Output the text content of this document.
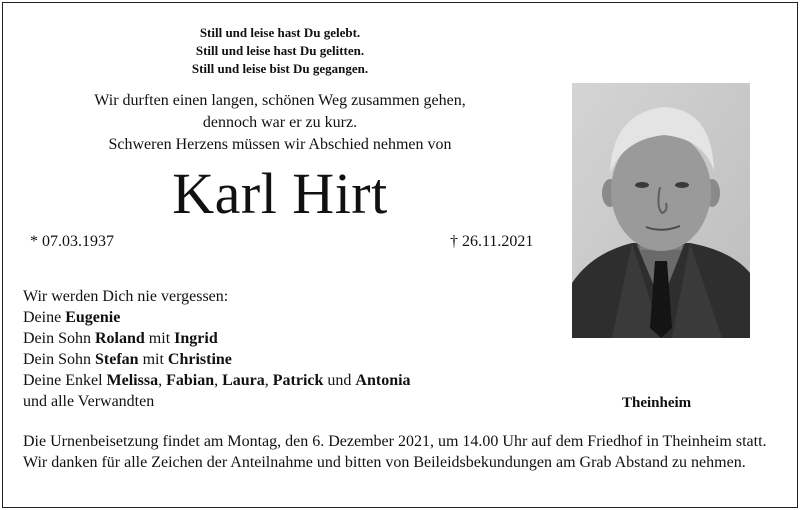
Still und leise hast Du gelebt.
Still und leise hast Du gelitten.
Still und leise bist Du gegangen.
Wir durften einen langen, schönen Weg zusammen gehen,
dennoch war er zu kurz.
Schweren Herzens müssen wir Abschied nehmen von
Karl Hirt
* 07.03.1937	† 26.11.2021
Wir werden Dich nie vergessen:
Deine Eugenie
Dein Sohn Roland mit Ingrid
Dein Sohn Stefan mit Christine
Deine Enkel Melissa, Fabian, Laura, Patrick und Antonia
und alle Verwandten	Theinheim
Die Urnenbeisetzung findet am Montag, den 6. Dezember 2021, um 14.00 Uhr auf dem Friedhof in Theinheim statt. Wir danken für alle Zeichen der Anteilnahme und bitten von Beileidsbekundungen am Grab Abstand zu nehmen.
